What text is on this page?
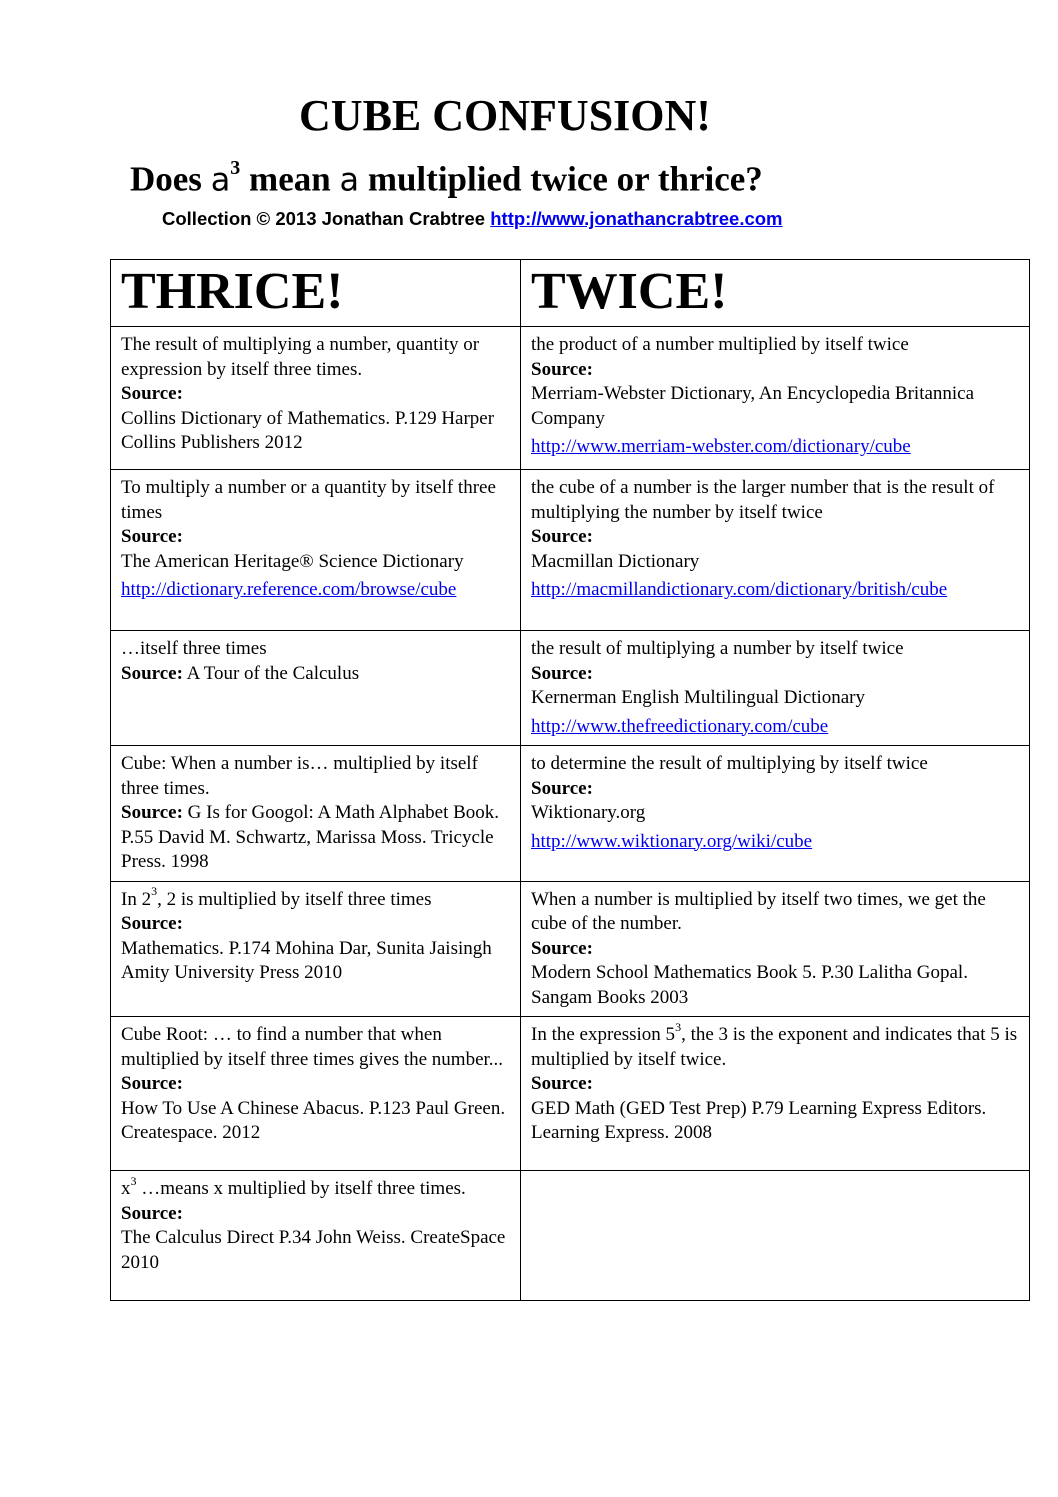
CUBE CONFUSION!
Does $a^3$ mean a multiplied twice or thrice?
Collection © 2013 Jonathan Crabtree http://www.jonathancrabtree.com
THRICE!	TWICE!

The result of multiplying a number, quantity or expression by itself three times.
Source:
Collins Dictionary of Mathematics. P.129 Harper Collins Publishers 2012	the product of a number multiplied by itself twice
Source:
Merriam-Webster Dictionary, An Encyclopedia Britannica Company
http://www.merriam-webster.com/dictionary/cube

To multiply a number or a quantity by itself three times
Source:
The American Heritage® Science Dictionary
http://dictionary.reference.com/browse/cube	the cube of a number is the larger number that is the result of multiplying the number by itself twice
Source:
Macmillan Dictionary
http://macmillandictionary.com/dictionary/british/cube

…itself three times
Source: A Tour of the Calculus	the result of multiplying a number by itself twice
Source:
Kernerman English Multilingual Dictionary
http://www.thefreedictionary.com/cube

Cube: When a number is… multiplied by itself three times.
Source: G Is for Googol: A Math Alphabet Book. P.55 David M. Schwartz, Marissa Moss. Tricycle Press. 1998	to determine the result of multiplying by itself twice
Source:
Wiktionary.org
http://www.wiktionary.org/wiki/cube

In $2^3$, 2 is multiplied by itself three times
Source:
Mathematics. P.174 Mohina Dar, Sunita Jaisingh Amity University Press 2010	When a number is multiplied by itself two times, we get the cube of the number.
Source:
Modern School Mathematics Book 5. P.30 Lalitha Gopal. Sangam Books 2003

Cube Root: … to find a number that when multiplied by itself three times gives the number...
Source:
How To Use A Chinese Abacus. P.123 Paul Green. Createspace. 2012	In the expression $5^3$, the 3 is the exponent and indicates that 5 is multiplied by itself twice.
Source:
GED Math (GED Test Prep) P.79 Learning Express Editors. Learning Express. 2008

$x^3$ …means x multiplied by itself three times.
Source:
The Calculus Direct P.34 John Weiss. CreateSpace 2010	
